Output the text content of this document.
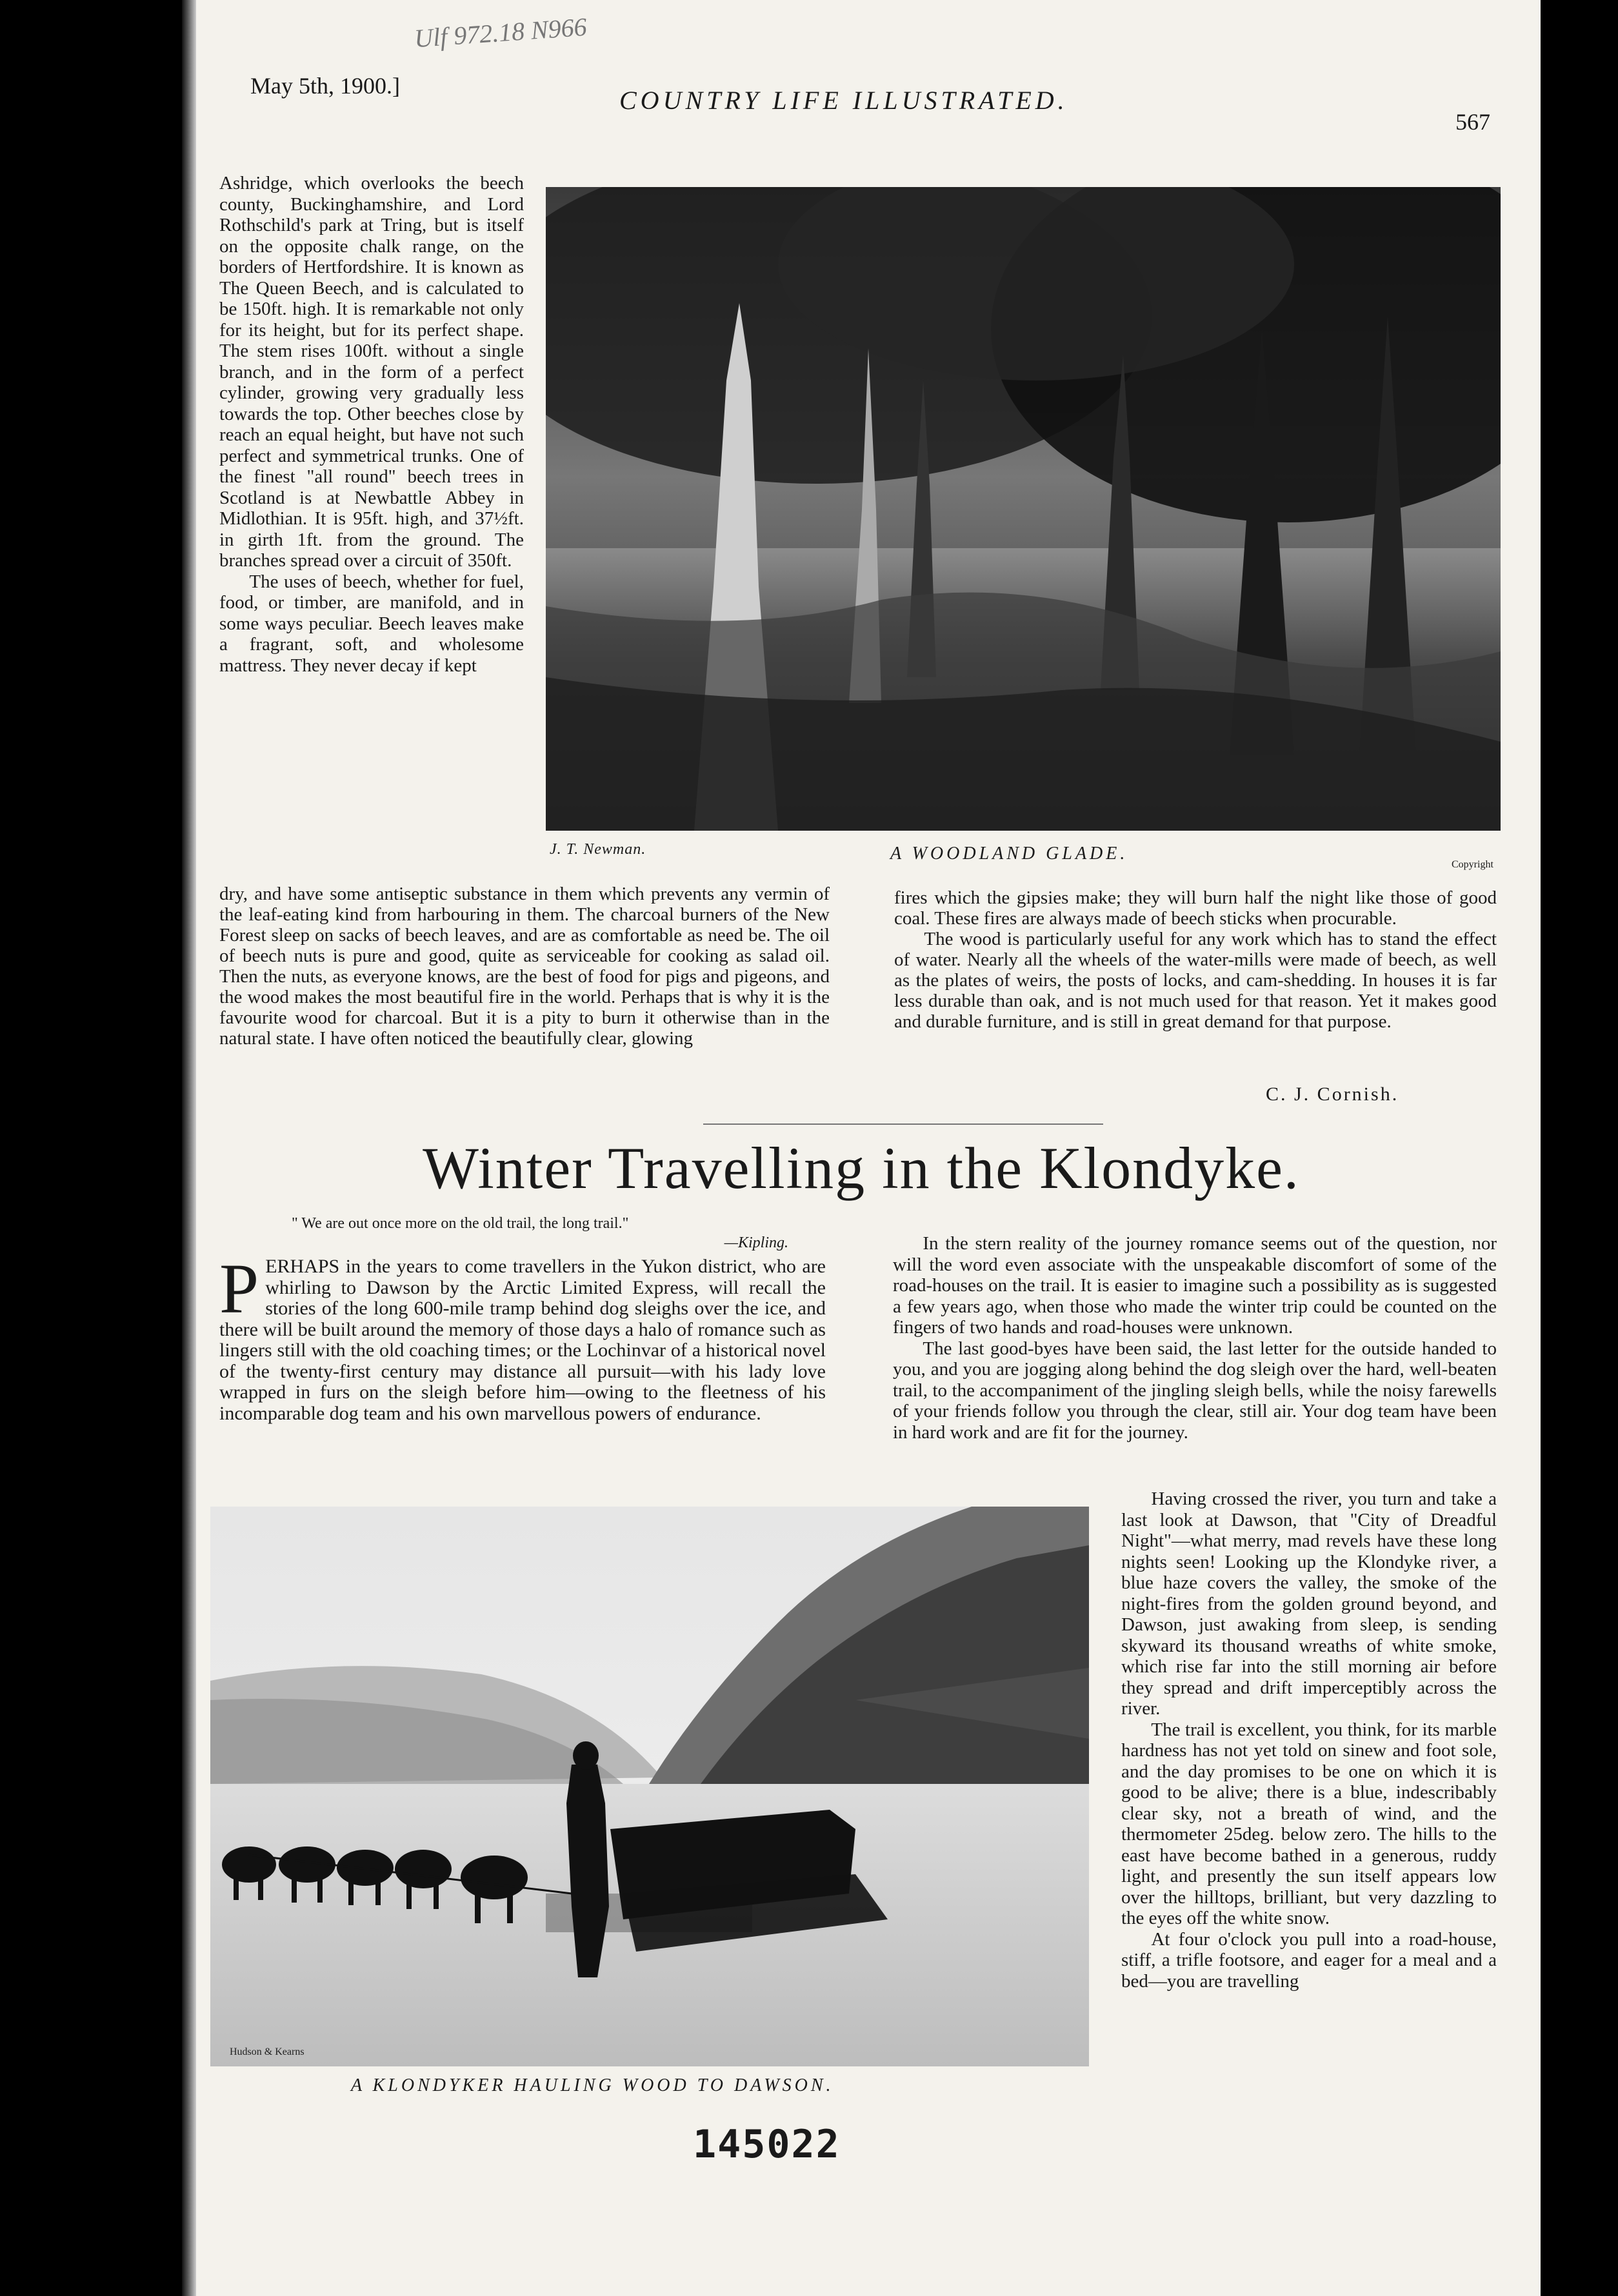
Ulf 972.18 N966
May 5th, 1900.]	COUNTRY LIFE ILLUSTRATED.
567

Ashridge, which overlooks the beech county, Buckinghamshire, and Lord Rothschild's park at Tring, but is itself on the opposite chalk range, on the borders of Hertfordshire. It is known as The Queen Beech, and is calculated to be 150ft. high. It is remarkable not only for its height, but for its perfect shape. The stem rises 100ft. without a single branch, and in the form of a perfect cylinder, growing very gradually less towards the top. Other beeches close by reach an equal height, but have not such perfect and symmetrical trunks. One of the finest "all round" beech trees in Scotland is at Newbattle Abbey in Midlothian. It is 95ft. high, and 37½ft. in girth 1ft. from the ground. The branches spread over a circuit of 350ft.

The uses of beech, whether for fuel, food, or timber, are manifold, and in some ways peculiar. Beech leaves make a fragrant, soft, and wholesome mattress. They never decay if kept

J. T. Newman.	A WOODLAND GLADE.
Copyright

dry, and have some antiseptic substance in them which prevents any vermin of the leaf-eating kind from harbouring in them. The charcoal burners of the New Forest sleep on sacks of beech leaves, and are as comfortable as need be. The oil of beech nuts is pure and good, quite as serviceable for cooking as salad oil. Then the nuts, as everyone knows, are the best of food for pigs and pigeons, and the wood makes the most beautiful fire in the world. Perhaps that is why it is the favourite wood for charcoal. But it is a pity to burn it otherwise than in the natural state. I have often noticed the beautifully clear, glowing

fires which the gipsies make; they will burn half the night like those of good coal. These fires are always made of beech sticks when procurable.

The wood is particularly useful for any work which has to stand the effect of water. Nearly all the wheels of the water-mills were made of beech, as well as the plates of weirs, the posts of locks, and cam-shedding. In houses it is far less durable than oak, and is not much used for that reason. Yet it makes good and durable furniture, and is still in great demand for that purpose.

C. J. Cornish.
Winter Travelling in the Klondyke.
" We are out once more on the old trail, the long trail."
—Kipling.
P ERHAPS in the years to come travellers in the Yukon district, who are whirling to Dawson by the Arctic Limited Express, will recall the stories of the long 600-mile tramp behind dog sleighs over the ice, and there will be built around the memory of those days a halo of romance such as lingers still with the old coaching times; or the Lochinvar of a historical novel of the twenty-first century may distance all pursuit—with his lady love wrapped in furs on the sleigh before him—owing to the fleetness of his incomparable dog team and his own marvellous powers of endurance.

In the stern reality of the journey romance seems out of the question, nor will the word even associate with the unspeakable discomfort of some of the road-houses on the trail. It is easier to imagine such a possibility as is suggested a few years ago, when those who made the winter trip could be counted on the fingers of two hands and road-houses were unknown.

The last good-byes have been said, the last letter for the outside handed to you, and you are jogging along behind the dog sleigh over the hard, well-beaten trail, to the accompaniment of the jingling sleigh bells, while the noisy farewells of your friends follow you through the clear, still air. Your dog team have been in hard work and are fit for the journey.

Having crossed the river, you turn and take a last look at Dawson, that "City of Dreadful Night"—what merry, mad revels have these long nights seen! Looking up the Klondyke river, a blue haze covers the valley, the smoke of the night-fires from the golden ground beyond, and Dawson, just awaking from sleep, is sending skyward its thousand wreaths of white smoke, which rise far into the still morning air before they spread and drift imperceptibly across the river.

The trail is excellent, you think, for its marble hardness has not yet told on sinew and foot sole, and the day promises to be one on which it is good to be alive; there is a blue, indescribably clear sky, not a breath of wind, and the thermometer 25deg. below zero. The hills to the east have become bathed in a generous, ruddy light, and presently the sun itself appears low over the hilltops, brilliant, but very dazzling to the eyes off the white snow.

At four o'clock you pull into a road-house, stiff, a trifle footsore, and eager for a meal and a bed—you are travelling

Hudson & Kearns
A KLONDYKER HAULING WOOD TO DAWSON.
145022
